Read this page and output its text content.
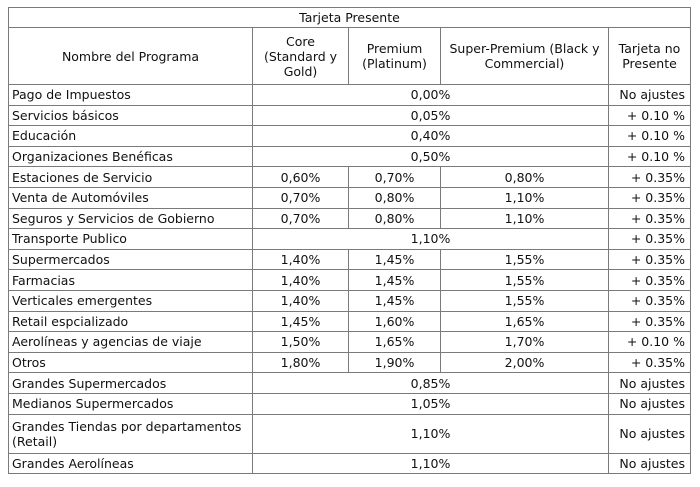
Tarjeta Presente				
Nombre del Programa	Core (Standard y Gold)	Premium (Platinum)	Super-Premium (Black y Commercial)	Tarjeta no Presente
Pago de Impuestos	0,00%			No ajustes
Servicios básicos	0,05%			+ 0.10 %
Educación	0,40%			+ 0.10 %
Organizaciones Benéficas	0,50%			+ 0.10 %
Estaciones de Servicio	0,60%	0,70%	0,80%	+ 0.35%
Venta de Automóviles	0,70%	0,80%	1,10%	+ 0.35%
Seguros y Servicios de Gobierno	0,70%	0,80%	1,10%	+ 0.35%
Transporte Publico	1,10%			+ 0.35%
Supermercados	1,40%	1,45%	1,55%	+ 0.35%
Farmacias	1,40%	1,45%	1,55%	+ 0.35%
Verticales emergentes	1,40%	1,45%	1,55%	+ 0.35%
Retail espcializado	1,45%	1,60%	1,65%	+ 0.35%
Aerolíneas y agencias de viaje	1,50%	1,65%	1,70%	+ 0.10 %
Otros	1,80%	1,90%	2,00%	+ 0.35%
Grandes Supermercados	0,85%			No ajustes
Medianos Supermercados	1,05%			No ajustes
Grandes Tiendas por departamentos (Retail)	1,10%			No ajustes
Grandes Aerolíneas	1,10%			No ajustes
